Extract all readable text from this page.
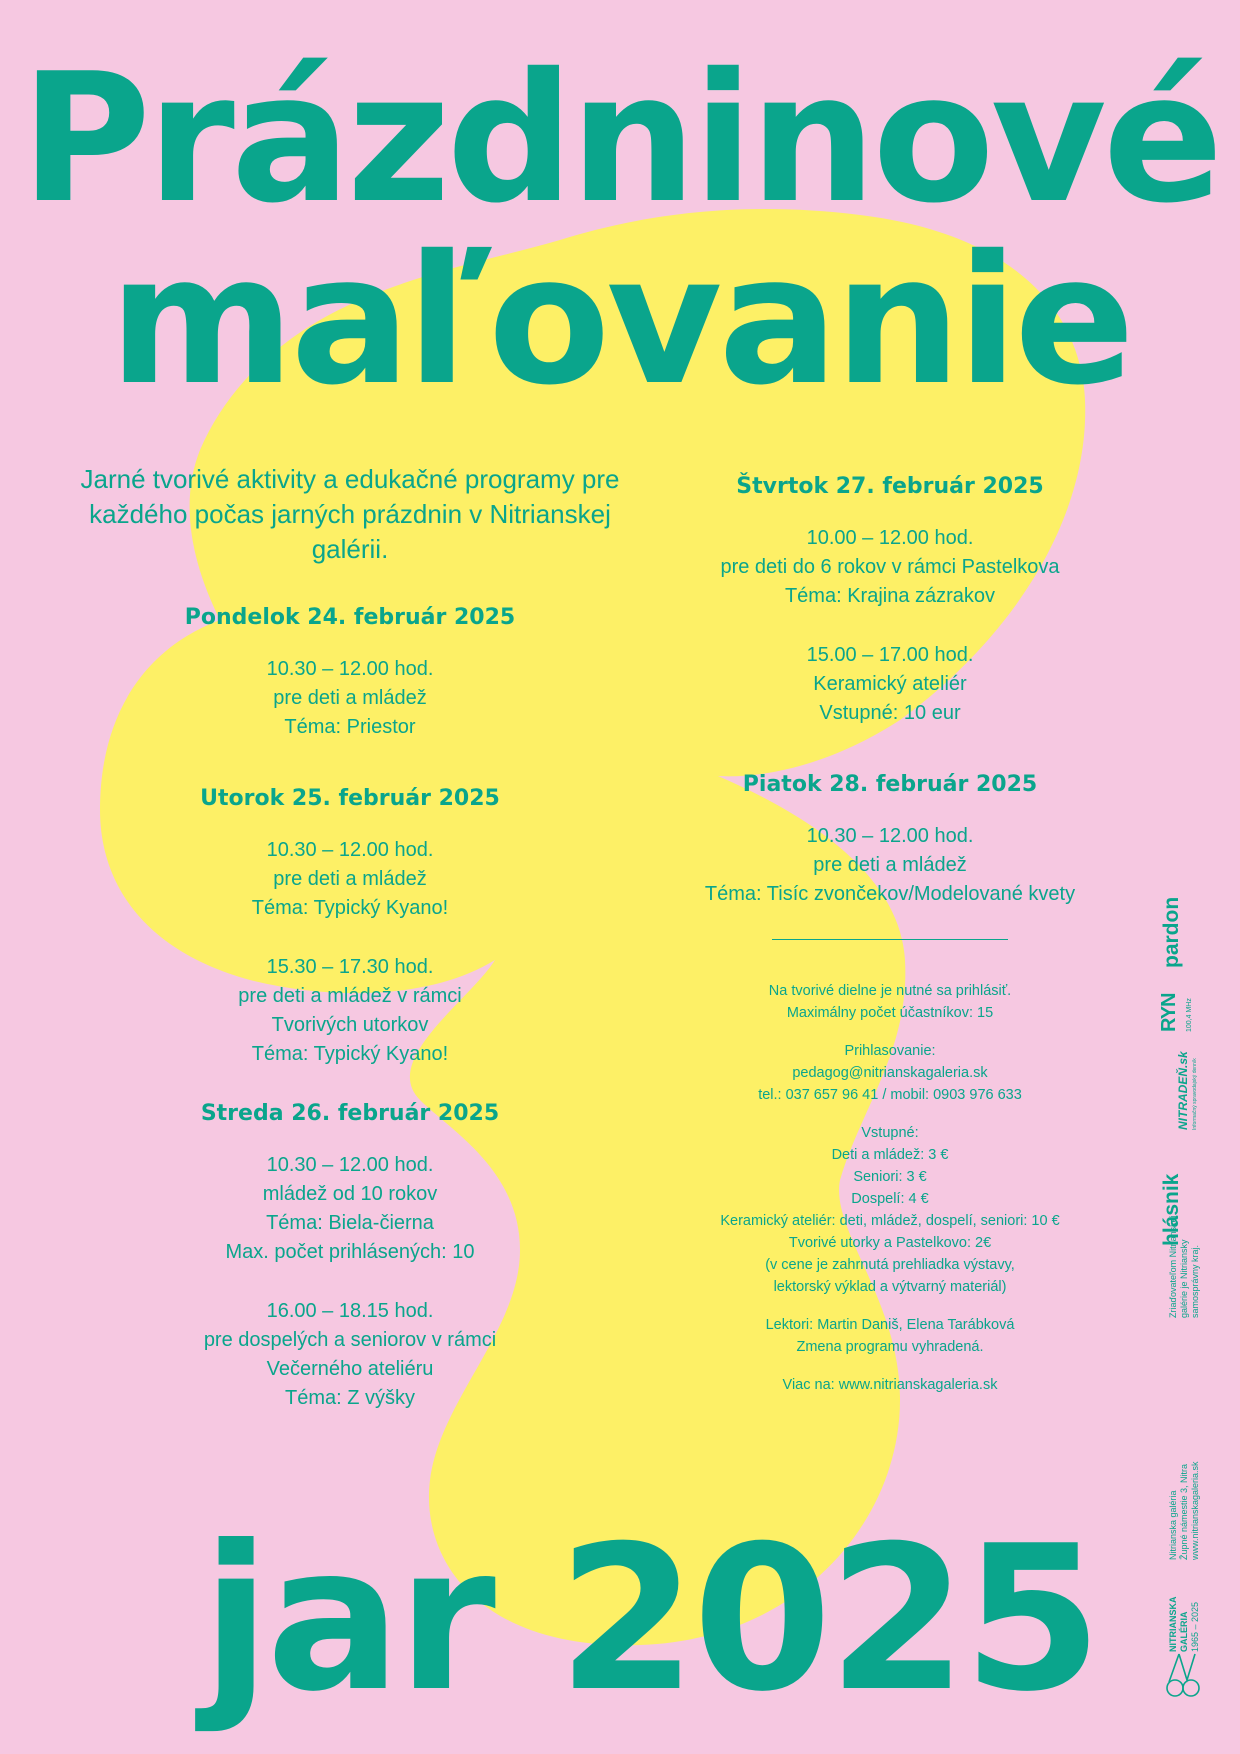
Prázdninové
maľovanie

Jarné tvorivé aktivity a edukačné programy pre každého počas jarných prázdnin v Nitrianskej galérii.

Pondelok 24. február 2025
10.30 – 12.00 hod.
pre deti a mládež
Téma: Priestor
Utorok 25. február 2025
10.30 – 12.00 hod.
pre deti a mládež
Téma: Typický Kyano!
15.30 – 17.30 hod.
pre deti a mládež v rámci
Tvorivých utorkov
Téma: Typický Kyano!
Streda 26. február 2025
10.30 – 12.00 hod.
mládež od 10 rokov
Téma: Biela-čierna
Max. počet prihlásených: 10
16.00 – 18.15 hod.
pre dospelých a seniorov v rámci
Večerného ateliéru
Téma: Z výšky
Štvrtok 27. február 2025
10.00 – 12.00 hod.
pre deti do 6 rokov v rámci Pastelkova
Téma: Krajina zázrakov
15.00 – 17.00 hod.
Keramický ateliér
Vstupné: 10 eur
Piatok 28. február 2025
10.30 – 12.00 hod.
pre deti a mládež
Téma: Tisíc zvončekov/Modelované kvety
Na tvorivé dielne je nutné sa prihlásiť.
Maximálny počet účastníkov: 15
Prihlasovanie:
pedagog@nitrianskagaleria.sk
tel.: 037 657 96 41 / mobil: 0903 976 633
Vstupné:
Deti a mládež: 3 €
Seniori: 3 €
Dospelí: 4 €
Keramický ateliér: deti, mládež, dospelí, seniori: 10 €
Tvorivé utorky a Pastelkovo: 2€
(v cene je zahrnutá prehliadka výstavy,
lektorský výklad a výtvarný materiál)
Lektori: Martin Daniš, Elena Tarábková
Zmena programu vyhradená.
Viac na: www.nitrianskagaleria.sk
jar 2025
pardon
RYN 100,4 MHz
NITRADEŇ.sk Informačný spravodajský denník
hlásnik
Zriaďovateľom Nitrianskej galérie je Nitriansky samosprávny kraj.
Nitrianska galéria Župné námestie 3, Nitra www.nitrianskagaleria.sk
NITRIANSKA GALÉRIA 1965 – 2025
